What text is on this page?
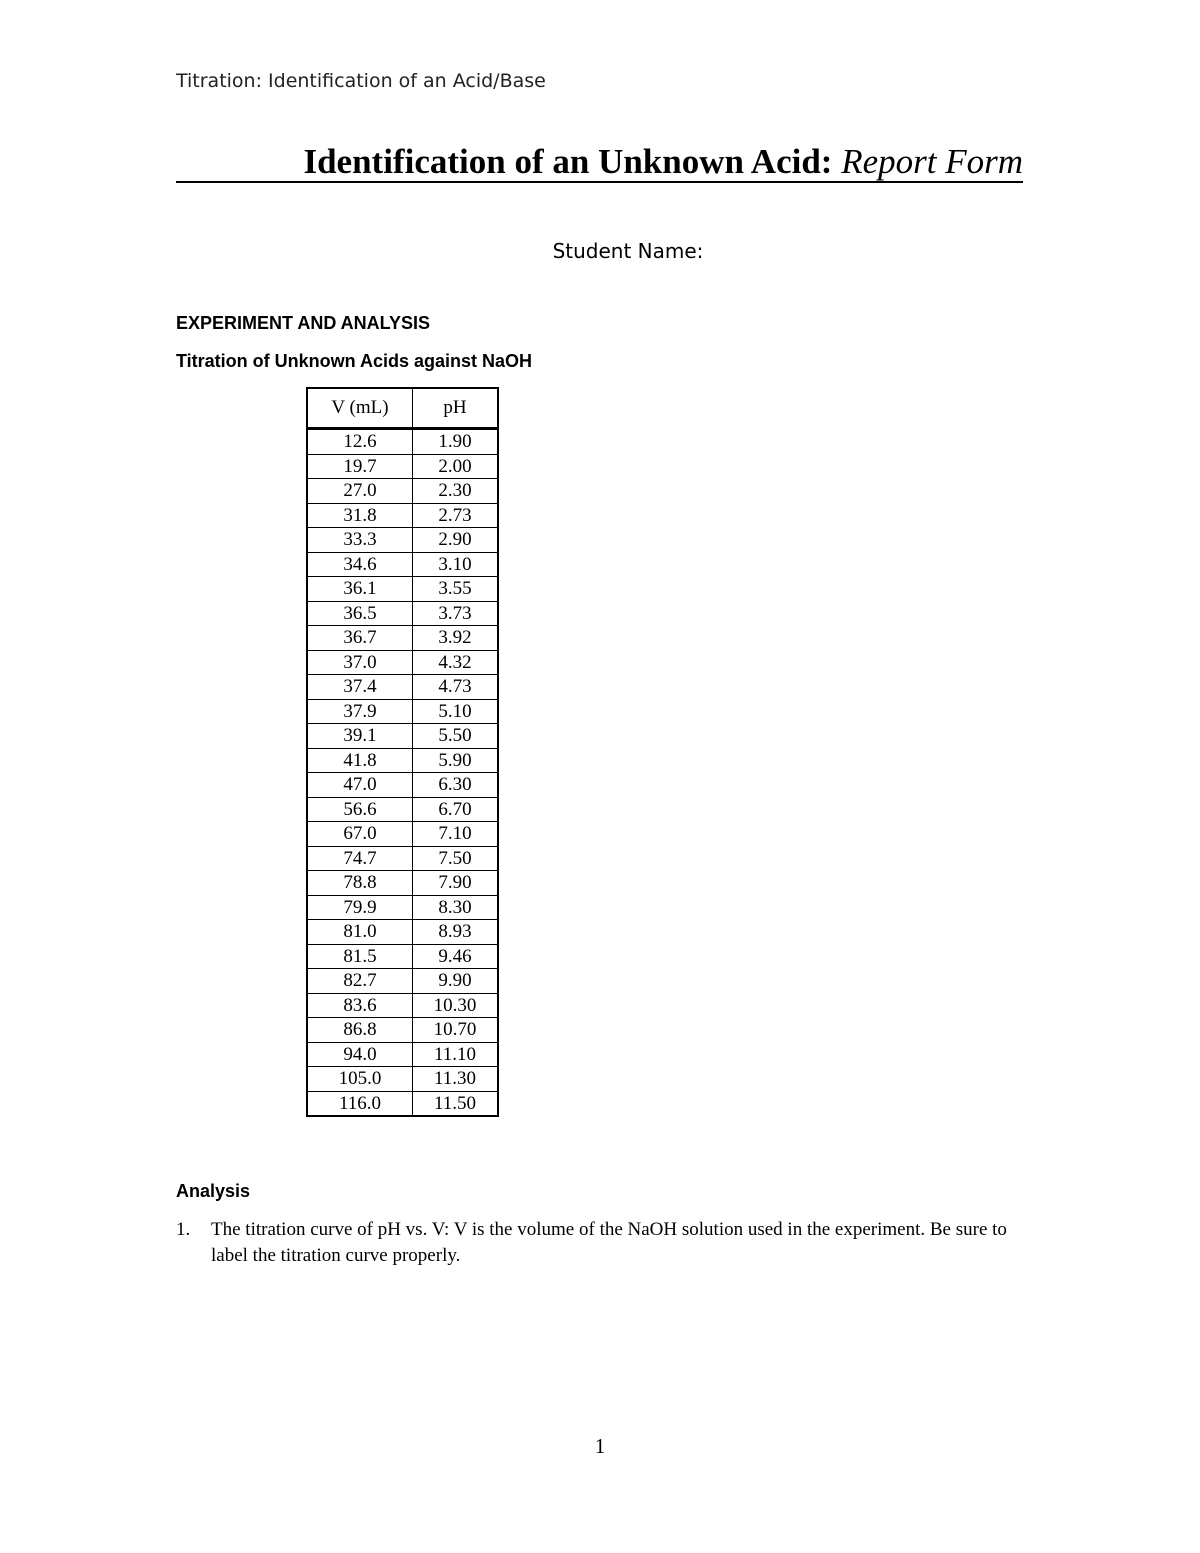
Titration: Identification of an Acid/Base
Identification of an Unknown Acid: Report Form
Student Name:
EXPERIMENT AND ANALYSIS
Titration of Unknown Acids against NaOH
V (mL)	pH
12.6	1.90
19.7	2.00
27.0	2.30
31.8	2.73
33.3	2.90
34.6	3.10
36.1	3.55
36.5	3.73
36.7	3.92
37.0	4.32
37.4	4.73
37.9	5.10
39.1	5.50
41.8	5.90
47.0	6.30
56.6	6.70
67.0	7.10
74.7	7.50
78.8	7.90
79.9	8.30
81.0	8.93
81.5	9.46
82.7	9.90
83.6	10.30
86.8	10.70
94.0	11.10
105.0	11.30
116.0	11.50
Analysis
1. The titration curve of pH vs. V: V is the volume of the NaOH solution used in the experiment. Be sure to label the titration curve properly.
1
